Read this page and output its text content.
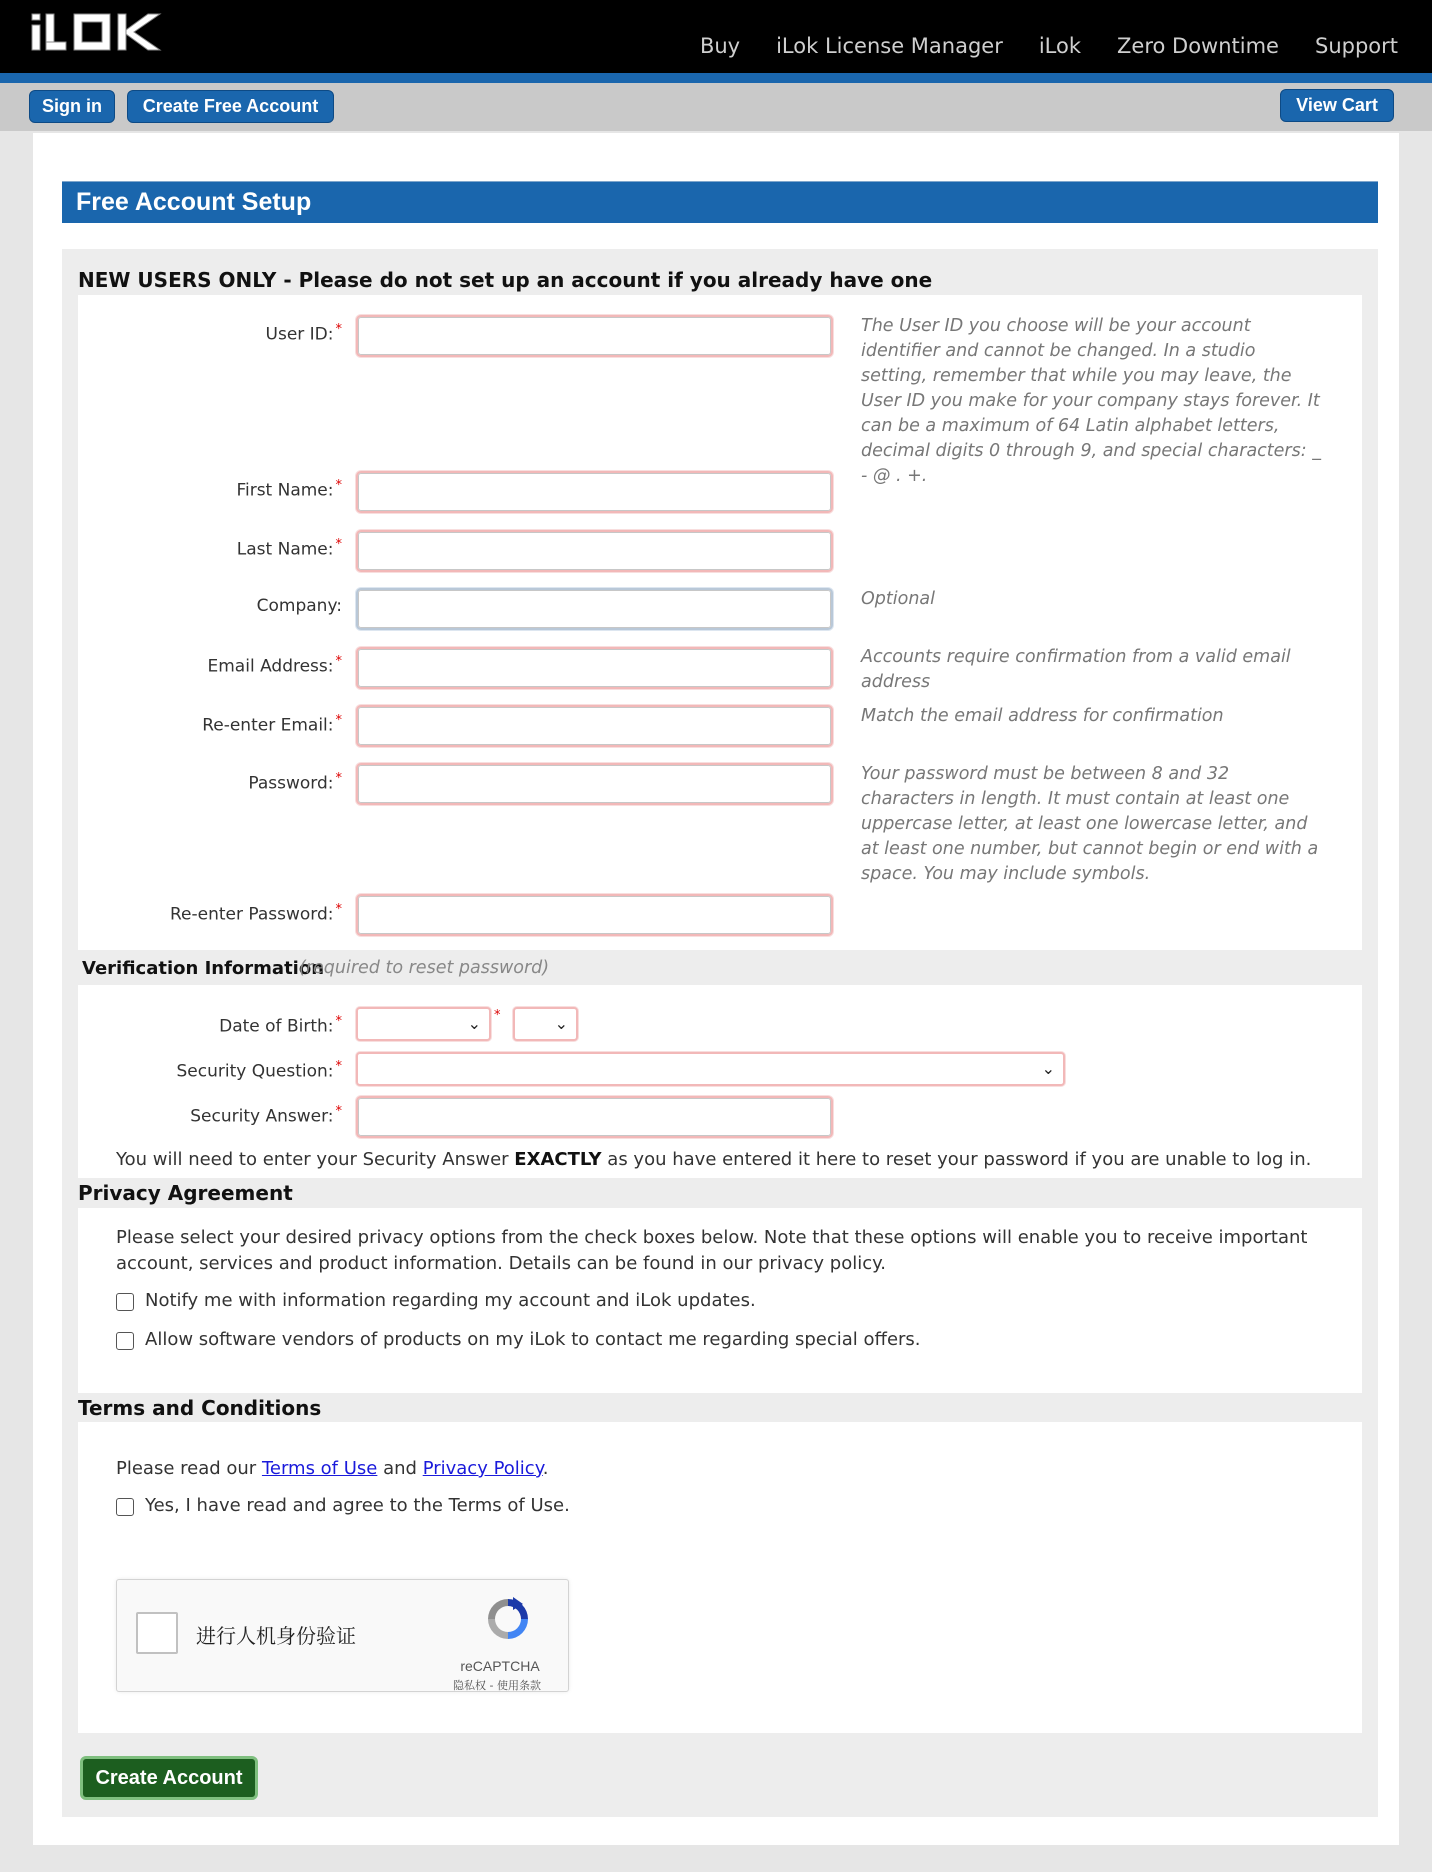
Buy iLok License Manager iLok Zero Downtime Support
Sign in	Create Free Account	View Cart
Free Account Setup
NEW USERS ONLY - Please do not set up an account if you already have one
User ID: *	The User ID you choose will be your account identifier and cannot be changed. In a studio setting, remember that while you may leave, the User ID you make for your company stays forever. It can be a maximum of 64 Latin alphabet letters, decimal digits 0 through 9, and special characters: _ - @ . +.
First Name: *
Last Name: *
Company:	Optional
Email Address: *	Accounts require confirmation from a valid email address
Re-enter Email: *	Match the email address for confirmation
Password: *	Your password must be between 8 and 32 characters in length. It must contain at least one uppercase letter, at least one lowercase letter, and at least one number, but cannot begin or end with a space. You may include symbols.
Re-enter Password: *
Verification Information
(required to reset password)
Date of Birth: *	⌄ *	⌄
Security Question: *	⌄
Security Answer: *
You will need to enter your Security Answer EXACTLY as you have entered it here to reset your password if you are unable to log in.
Privacy Agreement
Please select your desired privacy options from the check boxes below. Note that these options will enable you to receive important account, services and product information. Details can be found in our privacy policy.
Notify me with information regarding my account and iLok updates.
Allow software vendors of products on my iLok to contact me regarding special offers.
Terms and Conditions
Please read our Terms of Use and Privacy Policy.
Yes, I have read and agree to the Terms of Use.
进行人机身份验证
reCAPTCHA
隐私权 - 使用条款
Create Account
